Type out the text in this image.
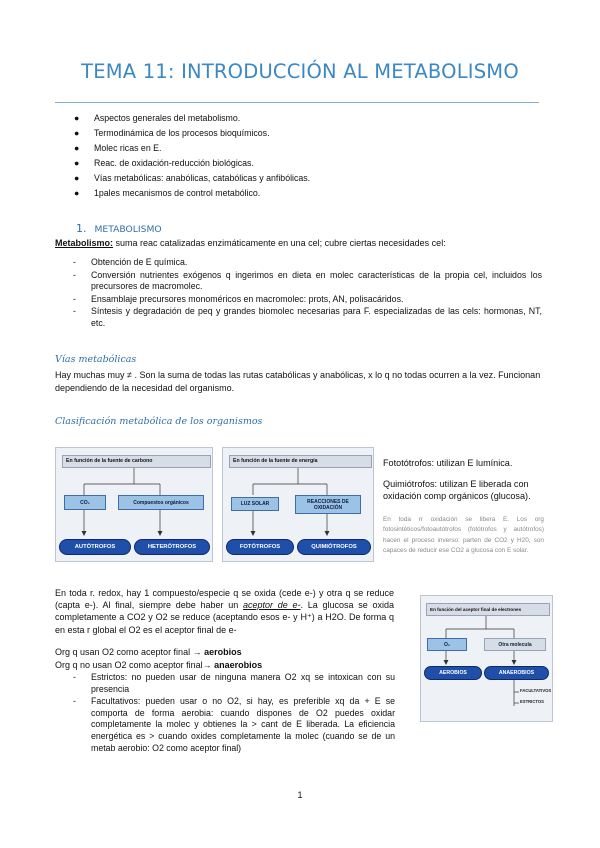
TEMA 11: INTRODUCCIÓN AL METABOLISMO
● Aspectos generales del metabolismo.
● Termodinámica de los procesos bioquímicos.
● Molec ricas en E.
● Reac. de oxidación-reducción biológicas.
● Vías metabólicas: anabólicas, catabólicas y anfibólicas.
● 1pales mecanismos de control metabólico.
1. METABOLISMO

Metabolismo: suma reac catalizadas enzimáticamente en una cel; cubre ciertas necesidades cel:

- Obtención de E química.
- Conversión nutrientes exógenos q ingerimos en dieta en molec características de la propia cel, incluidos los precursores de macromolec.
- Ensamblaje precursores monoméricos en macromolec: prots, AN, polisacáridos.
- Síntesis y degradación de peq y grandes biomolec necesarias para F. especializadas de las cels: hormonas, NT, etc.
Vías metabólicas

Hay muchas muy ≠ . Son la suma de todas las rutas catabólicas y anabólicas, x lo q no todas ocurren a la vez. Funcionan dependiendo de la necesidad del organismo.

Clasificación metabólica de los organismos
En función de la fuente de carbono
CO₂	Compuestos orgánicos
AUTÓTROFOS	HETERÓTROFOS
En función de la fuente de energía
LUZ SOLAR	REACCIONES DE OXIDACIÓN
FOTÓTROFOS	QUIMIÓTROFOS

Fototótrofos: utilizan E lumínica.

Quimiótrofos: utilizan E liberada con oxidación comp orgánicos (glucosa).

En toda rr oxidación se libera E. Los org fotosintéticos/fotoautótrofos (fotótrofos y autótrofos) hacen el proceso inverso: parten de CO2 y H20, son capaces de reducir ese CO2 a glucosa con E solar.

En toda r. redox, hay 1 compuesto/especie q se oxida (cede e-) y otra q se reduce (capta e-). Al final, siempre debe haber un aceptor de e-. La glucosa se oxida completamente a CO2 y O2 se reduce (aceptando esos e- y H⁺) a H2O. De forma q en esta r global el O2 es el aceptor final de e-

Org q usan O2 como aceptor final → aerobios

Org q no usan O2 como aceptor final→ anaerobios

- Estrictos: no pueden usar de ninguna manera O2 xq se intoxican con su presencia
- Facultativos: pueden usar o no O2, si hay, es preferible xq da + E se comporta de forma aerobia: cuando dispones de O2 puedes oxidar completamente la molec y obtienes la > cant de E liberada. La eficiencia energética es > cuando oxides completamente la molec (cuando se de un metab aerobio: O2 como aceptor final)
En función del aceptor final de electrones
O₂	Otra molecula
AEROBIOS	ANAEROBIOS
FACULTATIVOS
ESTRICTOS
1
